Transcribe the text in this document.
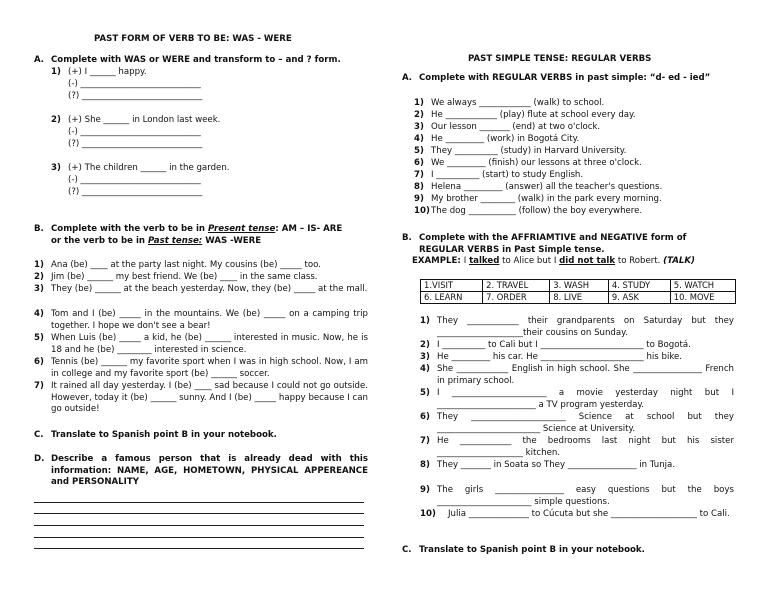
PAST FORM OF VERB TO BE: WAS - WERE
A. Complete with WAS or WERE and transform to – and ? form.
1) (+) I ______ happy.
(-) ____________________________
(?) ____________________________
2) (+) She ______ in London last week.
(-) ____________________________
(?) ____________________________
3) (+) The children ______ in the garden.
(-) ____________________________
(?) ____________________________
B. Complete with the verb to be in Present tense: AM – IS- ARE
or the verb to be in Past tense: WAS -WERE
1) Ana (be) ____ at the party last night. My cousins (be) _____ too.
2) Jim (be) ______ my best friend. We (be) ____ in the same class.
3) They (be) ______ at the beach yesterday. Now, they (be) _____ at the mall.
4) Tom and I (be) _____ in the mountains. We (be) _____ on a camping trip together. I hope we don't see a bear!
5) When Luis (be) _____ a kid, he (be) ______ interested in music. Now, he is 18 and he (be) ________ interested in science.
6) Tennis (be) ______ my favorite sport when I was in high school. Now, I am in college and my favorite sport (be) ______ soccer.
7) It rained all day yesterday. I (be) ____ sad because I could not go outside. However, today it (be) ______ sunny. And I (be) _____ happy because I can go outside!
C. Translate to Spanish point B in your notebook.
D. Describe a famous person that is already dead with this information: NAME, AGE, HOMETOWN, PHYSICAL APPEREANCE and PERSONALITY
PAST SIMPLE TENSE: REGULAR VERBS
A. Complete with REGULAR VERBS in past simple: “d- ed - ied”
1) We always ____________ (walk) to school.
2) He ____________ (play) flute at school every day.
3) Our lesson _______ (end) at two o'clock.
4) He _________ (work) in Bogotá City.
5) They __________ (study) in Harvard University.
6) We _________ (finish) our lessons at three o'clock.
7) I __________ (start) to study English.
8) Helena _________ (answer) all the teacher's questions.
9) My brother ________ (walk) in the park every morning.
10)The dog ___________ (follow) the boy everywhere.
B. Complete with the AFFRIAMTIVE and NEGATIVE form of REGULAR VERBS in Past Simple tense.
EXAMPLE: I talked to Alice but I did not talk to Robert. (TALK)
1.VISIT	2. TRAVEL	3. WASH	4. STUDY	5. WATCH
6. LEARN	7. ORDER	8. LIVE	9. ASK	10. MOVE
1) They ____________ their grandparents on Saturday but they ____________________their cousins on Sunday.
2) I __________ to Cali but I ________________________ to Bogotá.
3) He _________ his car. He ________________________ his bike.
4) She ____________ English in high school. She ________________ French in primary school.
5) I ______________________ a movie yesterday night but I _______________________ a TV program yesterday.
6) They ______________________ Science at school but they ________________________ Science at University.
7) He ____________ the bedrooms last night but his sister ____________________ kitchen.
8) They _______ in Soata so They ________________ in Tunja.
9) The girls ________________ easy questions but the boys ______________________ simple questions.
10)	Julia ______________ to Cúcuta but she ____________________ to Cali.
C. Translate to Spanish point B in your notebook.
